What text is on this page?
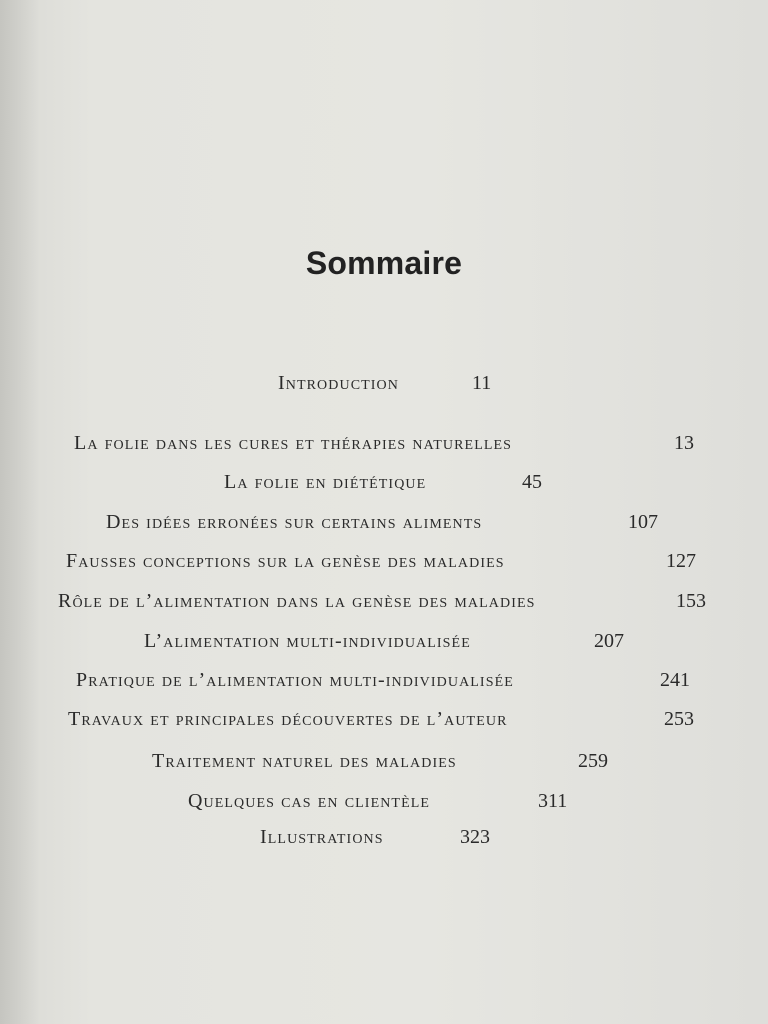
Sommaire
Introduction	11
La folie dans les cures et thérapies naturelles	13
La folie en diététique	45
Des idées erronées sur certains aliments	107
Fausses conceptions sur la genèse des maladies	127
Rôle de l’alimentation dans la genèse des maladies	153
L’alimentation multi-individualisée	207
Pratique de l’alimentation multi-individualisée	241
Travaux et principales découvertes de l’auteur	253
Traitement naturel des maladies	259
Quelques cas en clientèle	311
Illustrations	323
